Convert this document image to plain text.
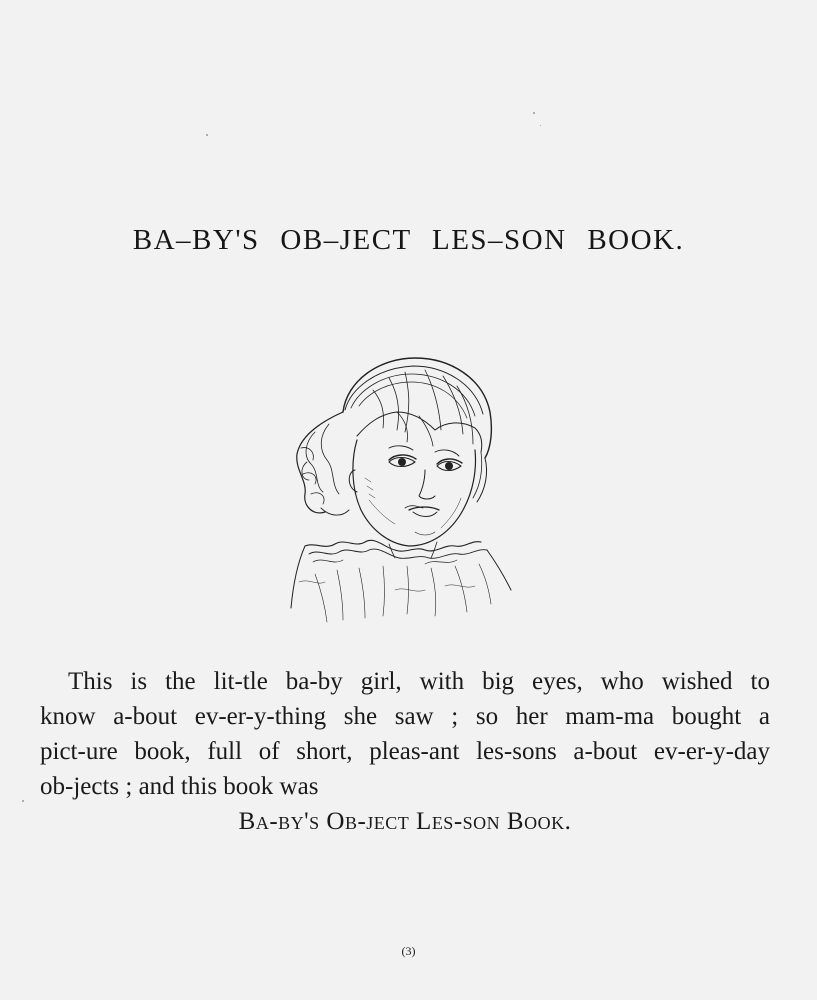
BA–BY'S OB–JECT LES–SON BOOK.
This is the lit-tle ba-by girl, with big eyes, who wished to
know a-bout ev-er-y-thing she saw ; so her mam-ma bought a
pict-ure book, full of short, pleas-ant les-sons a-bout ev-er-y-day
ob-jects ; and this book was
Ba-by's Ob-ject Les-son Book.
(3)
